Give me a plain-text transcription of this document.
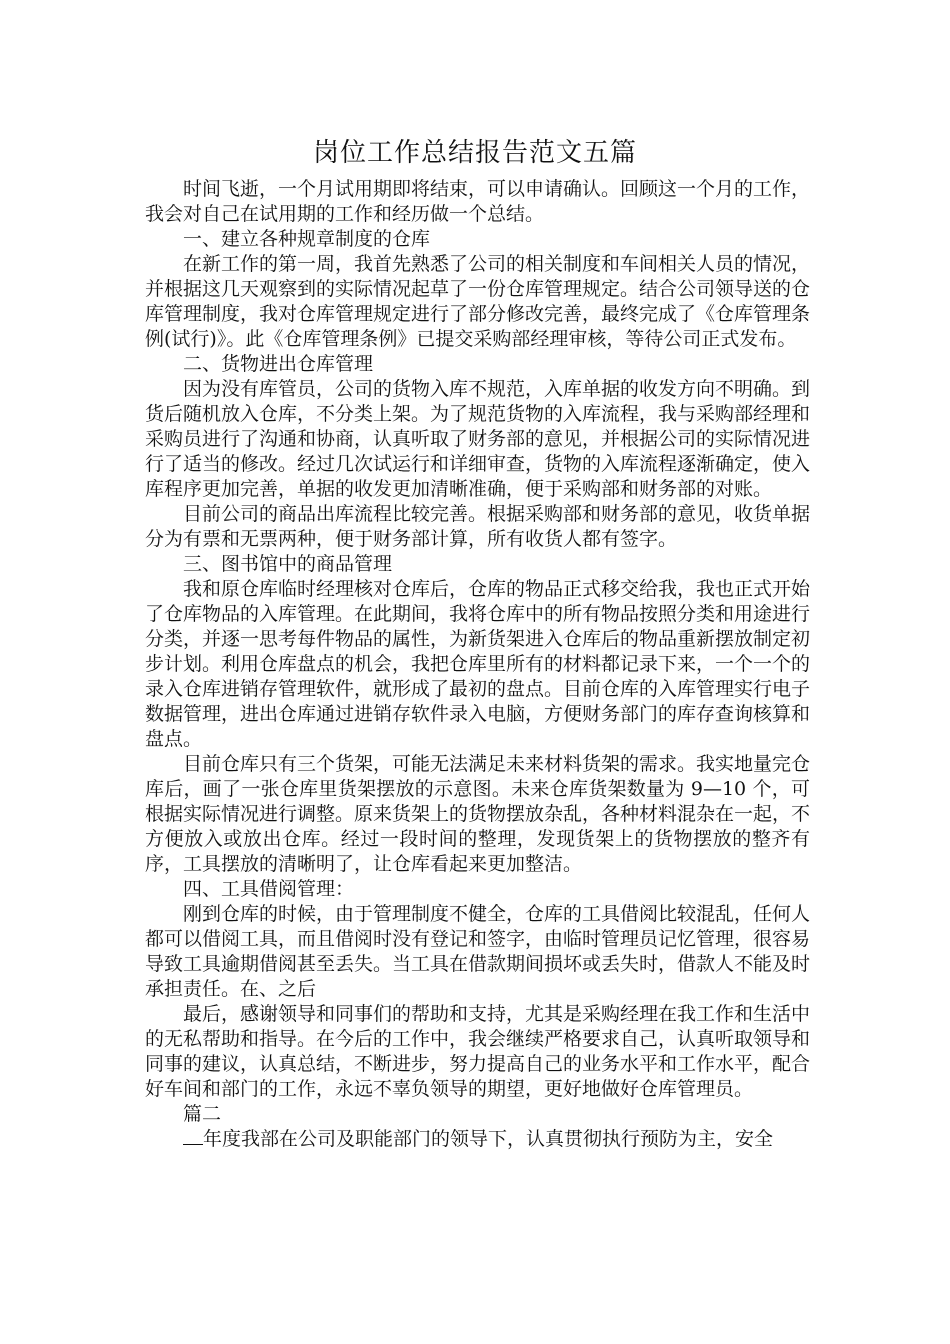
岗位工作总结报告范文五篇

时间飞逝，一个月试用期即将结束，可以申请确认。回顾这一个月的工作，我会对自己在试用期的工作和经历做一个总结。

一、建立各种规章制度的仓库

在新工作的第一周，我首先熟悉了公司的相关制度和车间相关人员的情况，并根据这几天观察到的实际情况起草了一份仓库管理规定。结合公司领导送的仓库管理制度，我对仓库管理规定进行了部分修改完善，最终完成了《仓库管理条例(试行)》。此《仓库管理条例》已提交采购部经理审核，等待公司正式发布。

二、货物进出仓库管理

因为没有库管员，公司的货物入库不规范，入库单据的收发方向不明确。到货后随机放入仓库，不分类上架。为了规范货物的入库流程，我与采购部经理和采购员进行了沟通和协商，认真听取了财务部的意见，并根据公司的实际情况进行了适当的修改。经过几次试运行和详细审查，货物的入库流程逐渐确定，使入库程序更加完善，单据的收发更加清晰准确，便于采购部和财务部的对账。

目前公司的商品出库流程比较完善。根据采购部和财务部的意见，收货单据分为有票和无票两种，便于财务部计算，所有收货人都有签字。

三、图书馆中的商品管理

我和原仓库临时经理核对仓库后，仓库的物品正式移交给我，我也正式开始了仓库物品的入库管理。在此期间，我将仓库中的所有物品按照分类和用途进行分类，并逐一思考每件物品的属性，为新货架进入仓库后的物品重新摆放制定初步计划。利用仓库盘点的机会，我把仓库里所有的材料都记录下来，一个一个的录入仓库进销存管理软件，就形成了最初的盘点。目前仓库的入库管理实行电子数据管理，进出仓库通过进销存软件录入电脑，方便财务部门的库存查询核算和盘点。

目前仓库只有三个货架，可能无法满足未来材料货架的需求。我实地量完仓库后，画了一张仓库里货架摆放的示意图。未来仓库货架数量为 9—10 个，可根据实际情况进行调整。原来货架上的货物摆放杂乱，各种材料混杂在一起，不方便放入或放出仓库。经过一段时间的整理，发现货架上的货物摆放的整齐有序，工具摆放的清晰明了，让仓库看起来更加整洁。

四、工具借阅管理：

刚到仓库的时候，由于管理制度不健全，仓库的工具借阅比较混乱，任何人都可以借阅工具，而且借阅时没有登记和签字，由临时管理员记忆管理，很容易导致工具逾期借阅甚至丢失。当工具在借款期间损坏或丢失时，借款人不能及时承担责任。在、之后

最后，感谢领导和同事们的帮助和支持，尤其是采购经理在我工作和生活中的无私帮助和指导。在今后的工作中，我会继续严格要求自己，认真听取领导和同事的建议，认真总结，不断进步，努力提高自己的业务水平和工作水平，配合好车间和部门的工作，永远不辜负领导的期望，更好地做好仓库管理员。

篇二

年度我部在公司及职能部门的领导下，认真贯彻执行预防为主，安全
